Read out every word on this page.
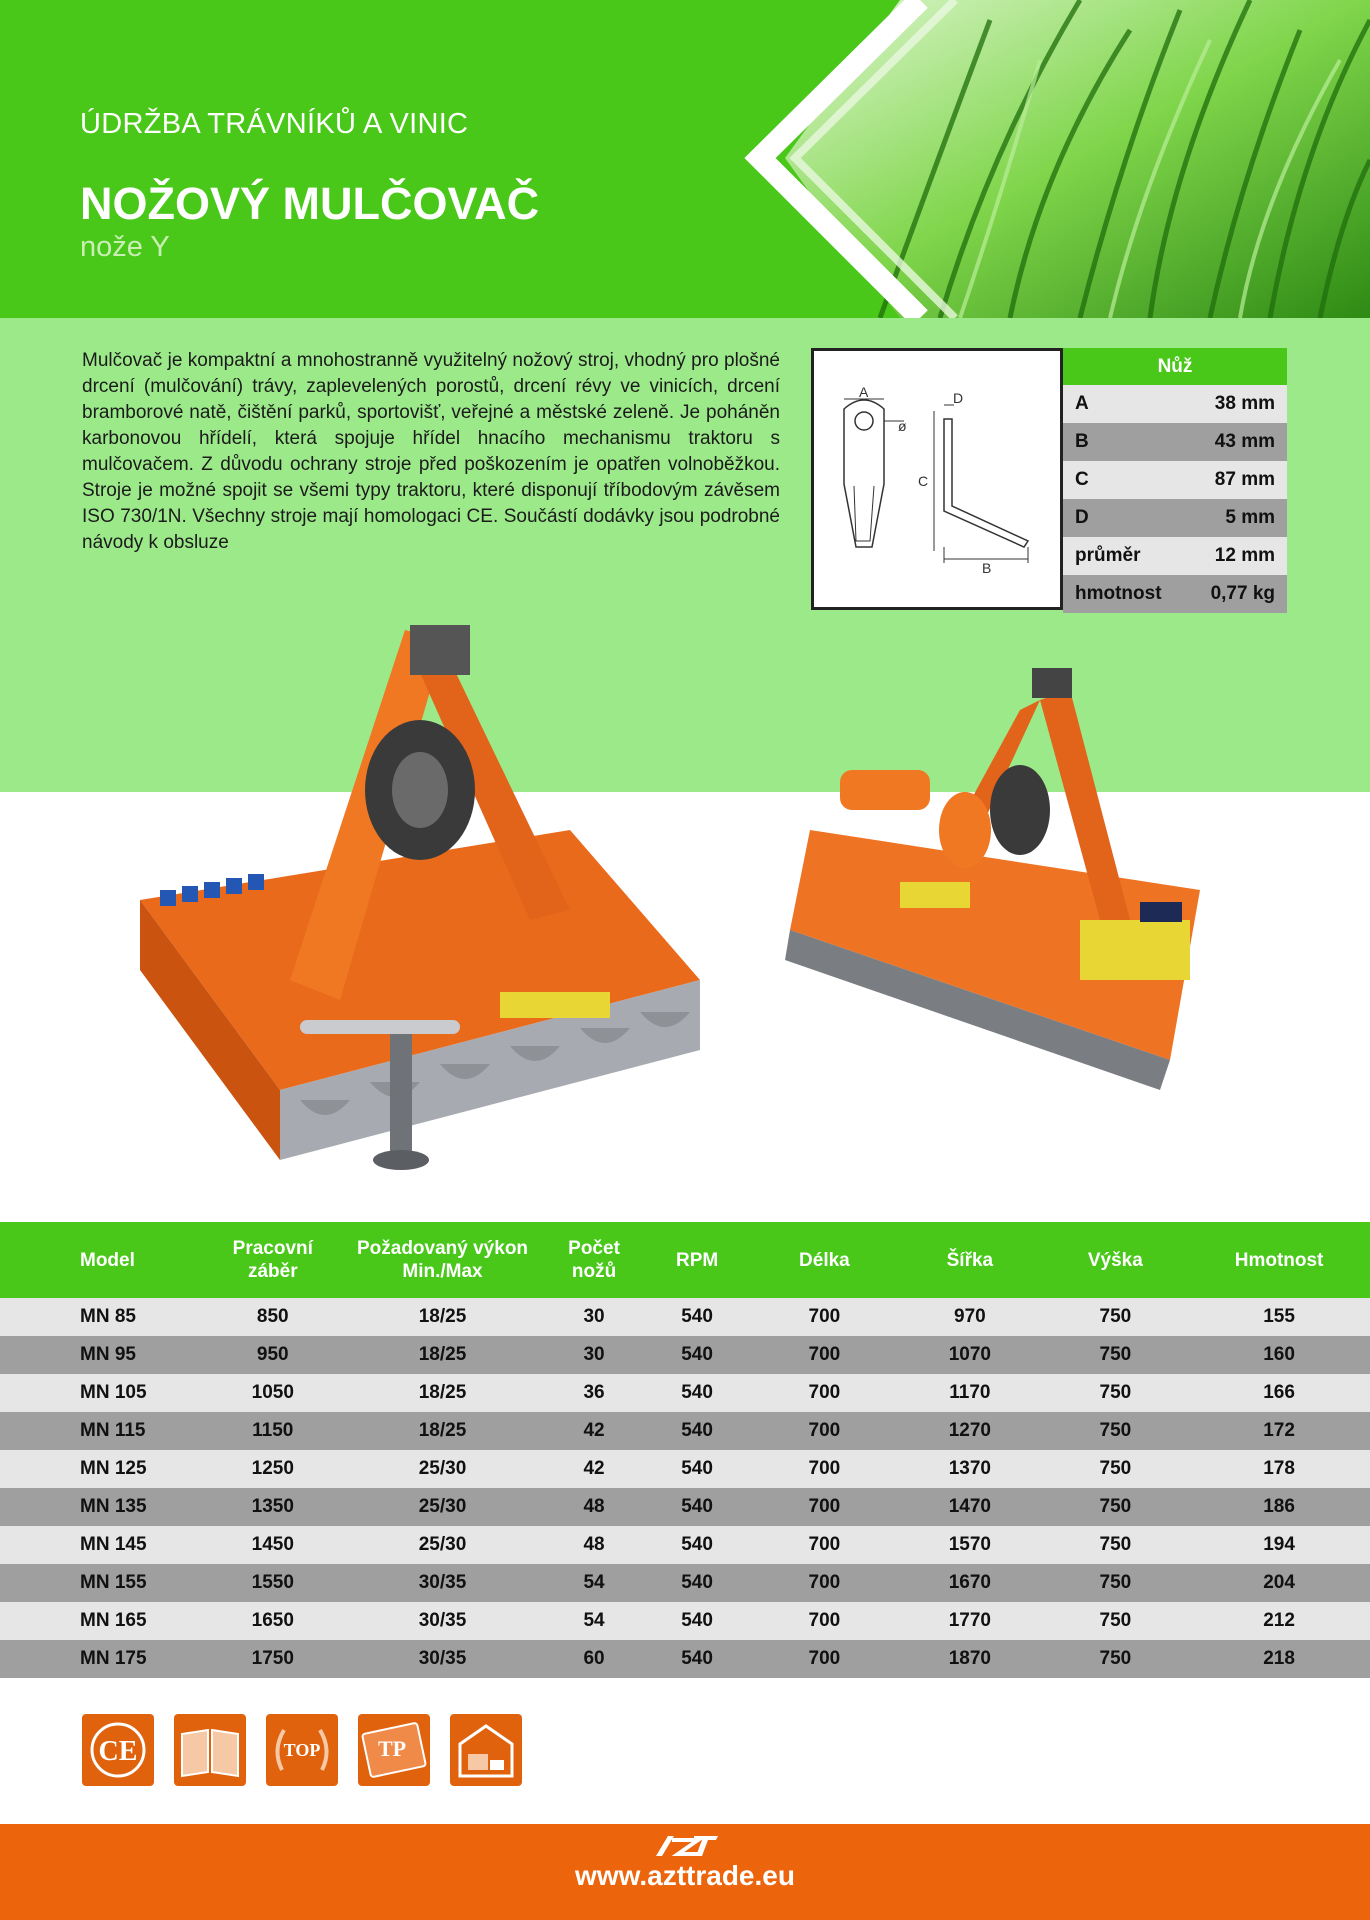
ÚDRŽBA TRÁVNÍKŮ A VINIC
NOŽOVÝ MULČOVAČ
nože Y
Mulčovač je kompaktní a mnohostranně využitelný nožový stroj, vhodný pro plošné drcení (mulčování) trávy, zaplevelených porostů, drcení révy ve vinicích, drcení bramborové natě, čištění parků, sportovišť, veřejné a městské zeleně. Je poháněn karbonovou hřídelí, která spojuje hřídel hnacího mechanismu traktoru s mulčovačem. Z důvodu ochrany stroje před poškozením je opatřen volnoběžkou. Stroje je možné spojit se všemi typy traktoru, které disponují tříbodovým závěsem ISO 730/1N. Všechny stroje mají homologaci CE. Součástí dodávky jsou podrobné návody k obsluze
A
ø
D
C
B
Nůž	
A	38 mm
B	43 mm
C	87 mm
D	5 mm
průměr	12 mm
hmotnost	0,77 kg
Model	Pracovní záběr	Požadovaný výkon Min./Max	Počet nožů	RPM	Délka	Šířka	Výška	Hmotnost
MN 85	850	18/25	30	540	700	970	750	155
MN 95	950	18/25	30	540	700	1070	750	160
MN 105	1050	18/25	36	540	700	1170	750	166
MN 115	1150	18/25	42	540	700	1270	750	172
MN 125	1250	25/30	42	540	700	1370	750	178
MN 135	1350	25/30	48	540	700	1470	750	186
MN 145	1450	25/30	48	540	700	1570	750	194
MN 155	1550	30/35	54	540	700	1670	750	204
MN 165	1650	30/35	54	540	700	1770	750	212
MN 175	1750	30/35	60	540	700	1870	750	218
CE	TOP	TP
www.azttrade.eu
